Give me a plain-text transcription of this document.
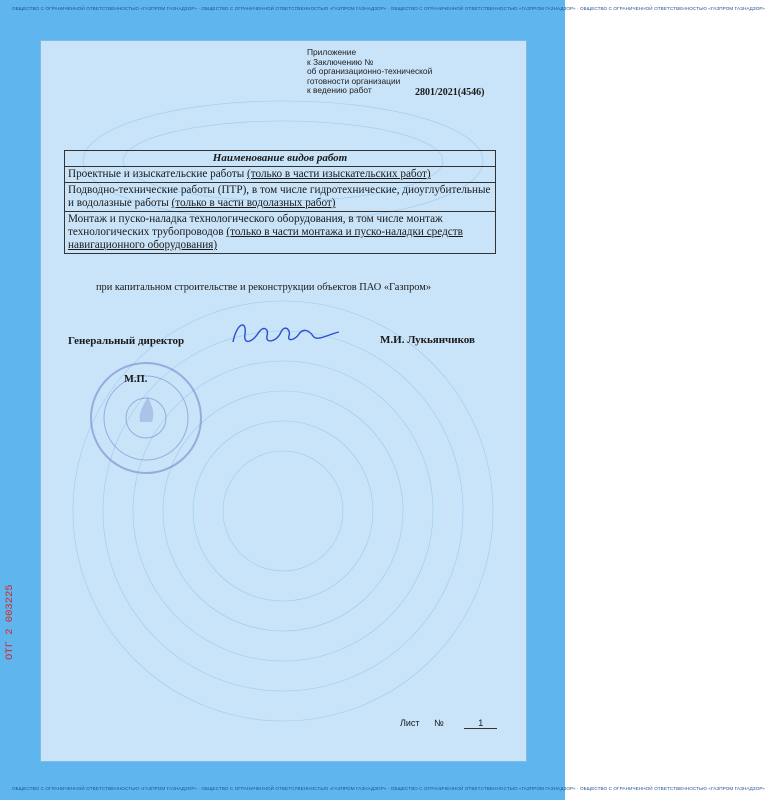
ОБЩЕСТВО С ОГРАНИЧЕННОЙ ОТВЕТСТВЕННОСТЬЮ «ГАЗПРОМ ГАЗНАДЗОР» · ОБЩЕСТВО С ОГРАНИЧЕННОЙ ОТВЕТСТВЕННОСТЬЮ «ГАЗПРОМ ГАЗНАДЗОР» · ОБЩЕСТВО С ОГРАНИЧЕННОЙ ОТВЕТСТВЕННОСТЬЮ «ГАЗПРОМ ГАЗНАДЗОР» · ОБЩЕСТВО С ОГРАНИЧЕННОЙ ОТВЕТСТВЕННОСТЬЮ «ГАЗПРОМ ГАЗНАДЗОР»
ОБЩЕСТВО С ОГРАНИЧЕННОЙ ОТВЕТСТВЕННОСТЬЮ «ГАЗПРОМ ГАЗНАДЗОР» · ОБЩЕСТВО С ОГРАНИЧЕННОЙ ОТВЕТСТВЕННОСТЬЮ «ГАЗПРОМ ГАЗНАДЗОР» · ОБЩЕСТВО С ОГРАНИЧЕННОЙ ОТВЕТСТВЕННОСТЬЮ «ГАЗПРОМ ГАЗНАДЗОР» · ОБЩЕСТВО С ОГРАНИЧЕННОЙ ОТВЕТСТВЕННОСТЬЮ «ГАЗПРОМ ГАЗНАДЗОР»
Приложение
к Заключению №
об организационно-технической
готовности организации
к ведению работ	2801/2021(4546)
Наименование видов работ
Проектные и изыскательские работы (только в части изыскательских работ)
Подводно-технические работы (ПТР), в том числе гидротехнические, диоуглубительные и водолазные работы (только в части водолазных работ)
Монтаж и пуско-наладка технологического оборудования, в том числе монтаж технологических трубопроводов (только в части монтажа и пуско-наладки средств навигационного оборудования)
при капитальном строительстве и реконструкции объектов ПАО «Газпром»
Генеральный директор	М.И. Лукьянчиков
М.П.
ОТГ 2 003225
Лист №	1
